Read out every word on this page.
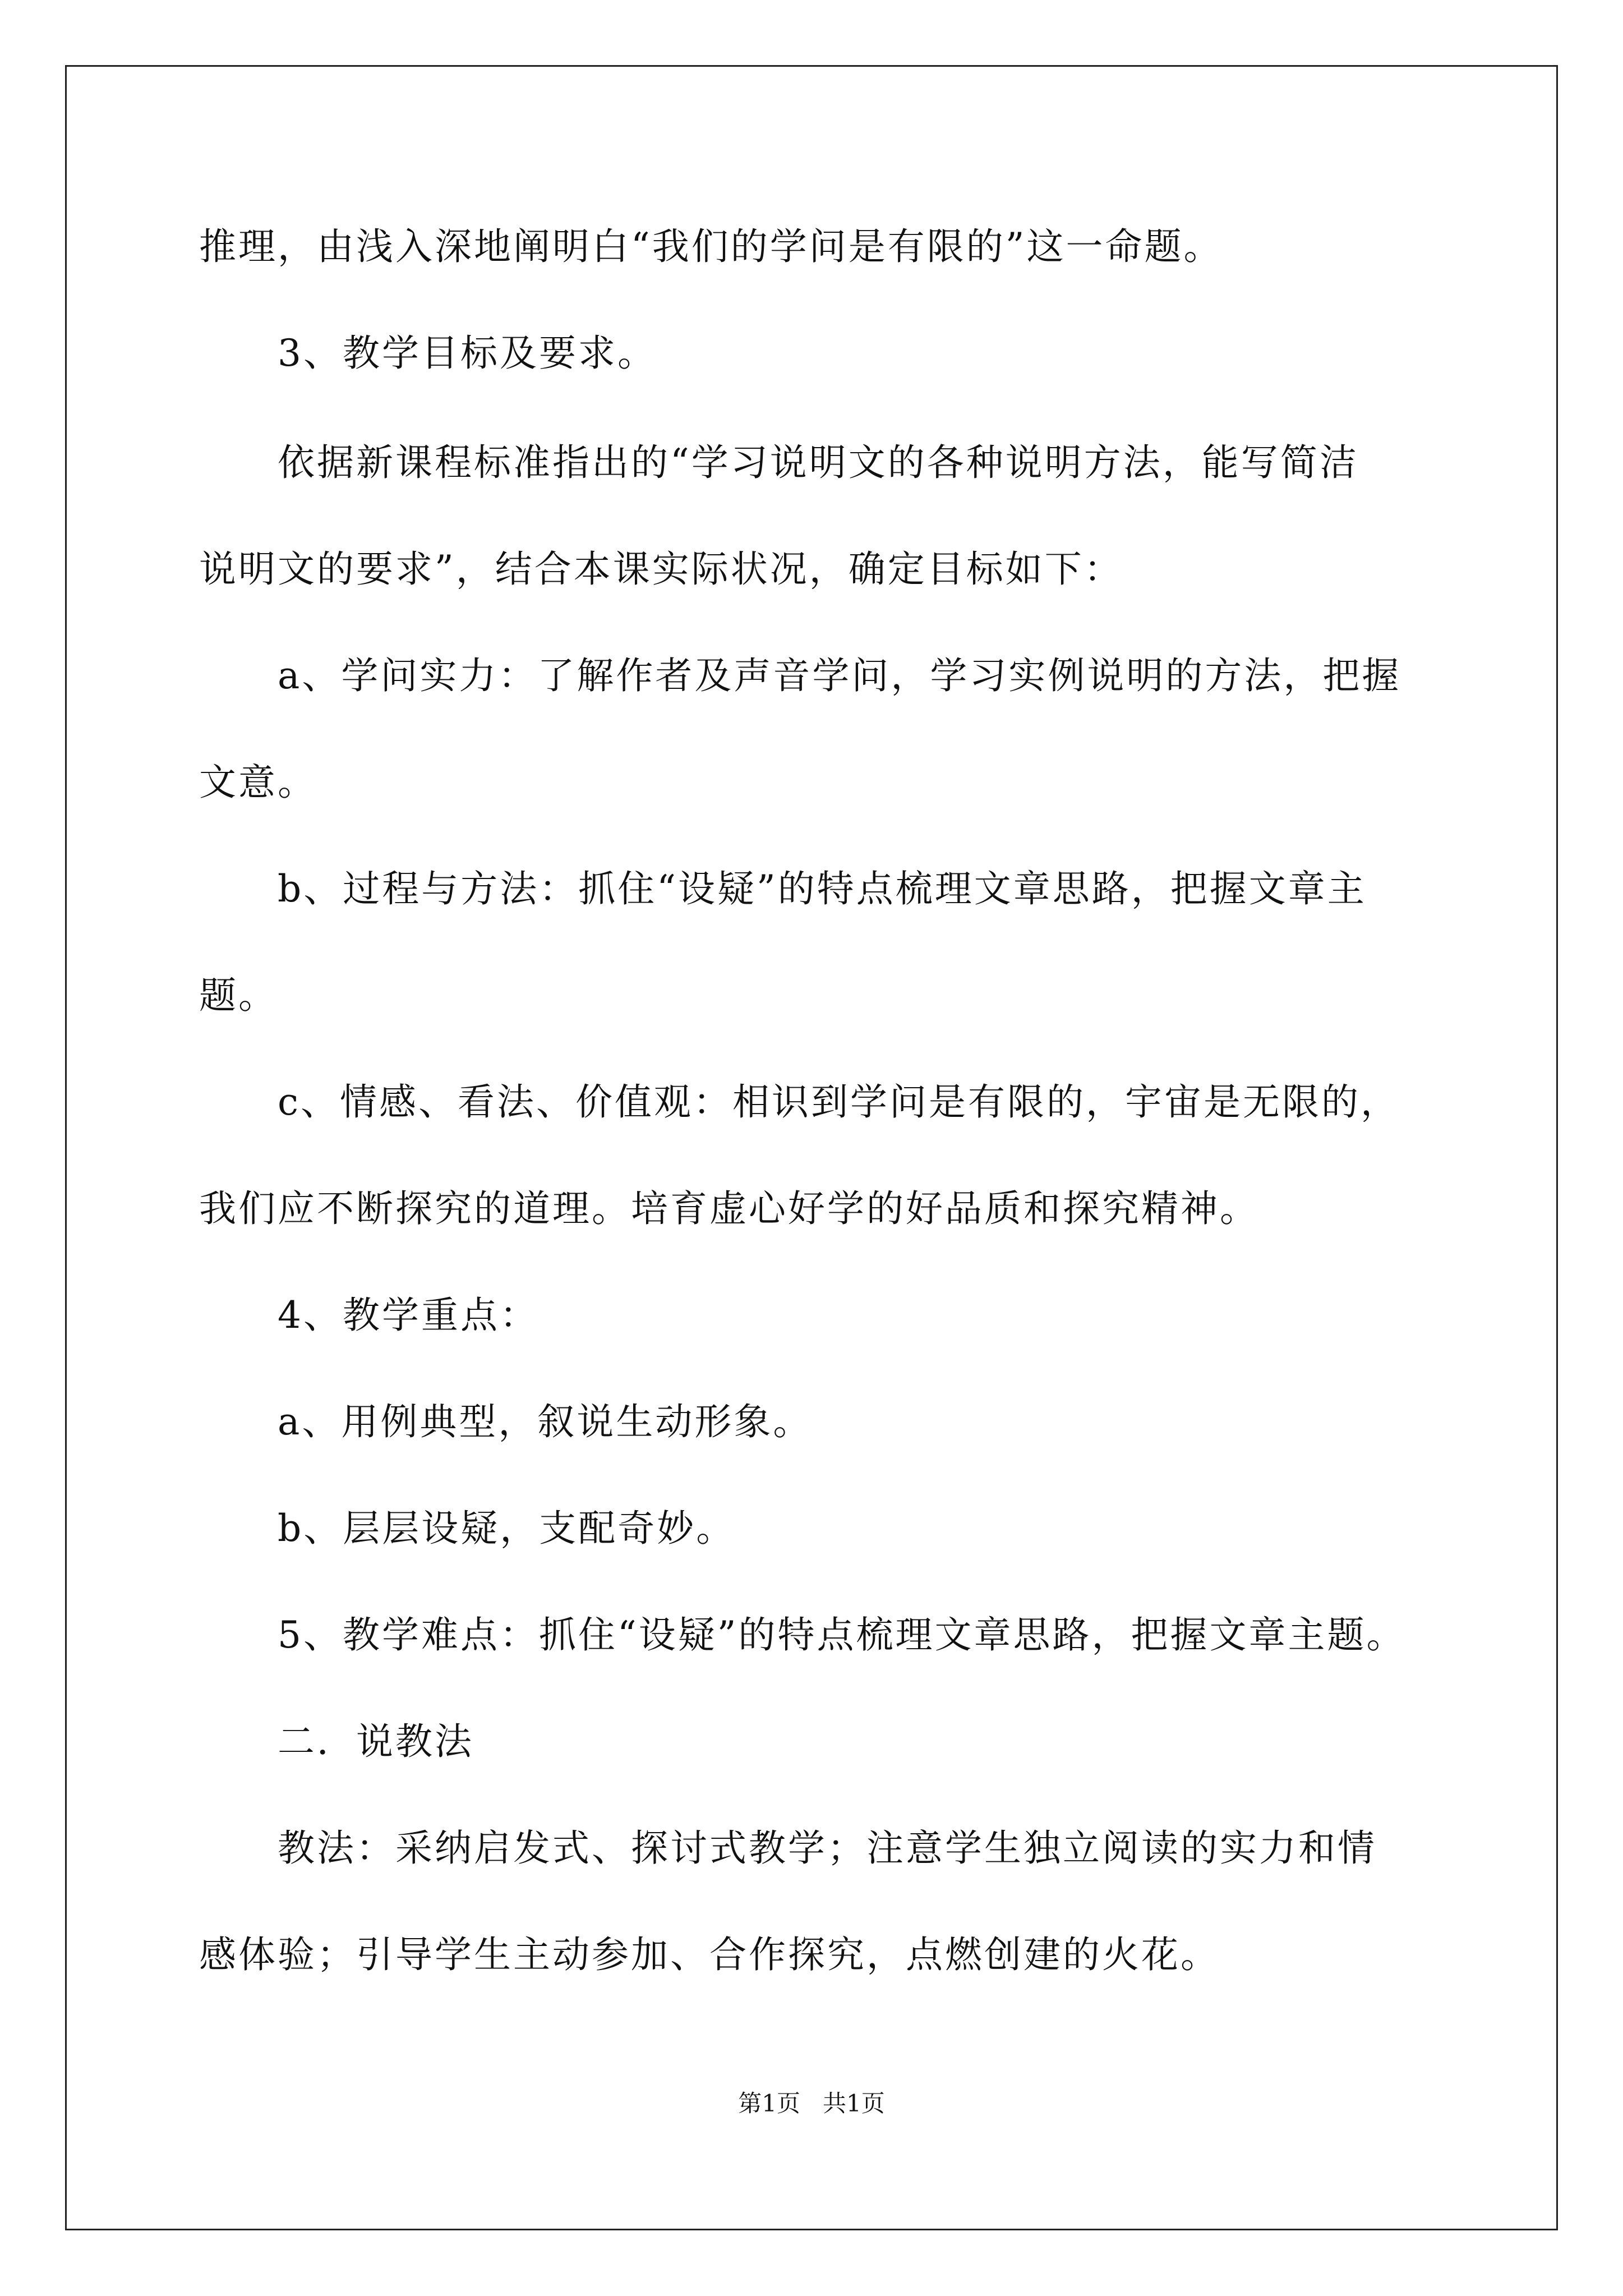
推理，由浅入深地阐明白“我们的学问是有限的”这一命题。
3、教学目标及要求。
依据新课程标准指出的“学习说明文的各种说明方法，能写简洁
说明文的要求”，结合本课实际状况，确定目标如下：
a、学问实力：了解作者及声音学问，学习实例说明的方法，把握
文意。
b、过程与方法：抓住“设疑”的特点梳理文章思路，把握文章主
题。
c、情感、看法、价值观：相识到学问是有限的，宇宙是无限的，
我们应不断探究的道理。培育虚心好学的好品质和探究精神。
4、教学重点：
a、用例典型，叙说生动形象。
b、层层设疑，支配奇妙。
5、教学难点：抓住“设疑”的特点梳理文章思路，把握文章主题。
二．说教法
教法：采纳启发式、探讨式教学；注意学生独立阅读的实力和情
感体验；引导学生主动参加、合作探究，点燃创建的火花。
第1页   共1页
